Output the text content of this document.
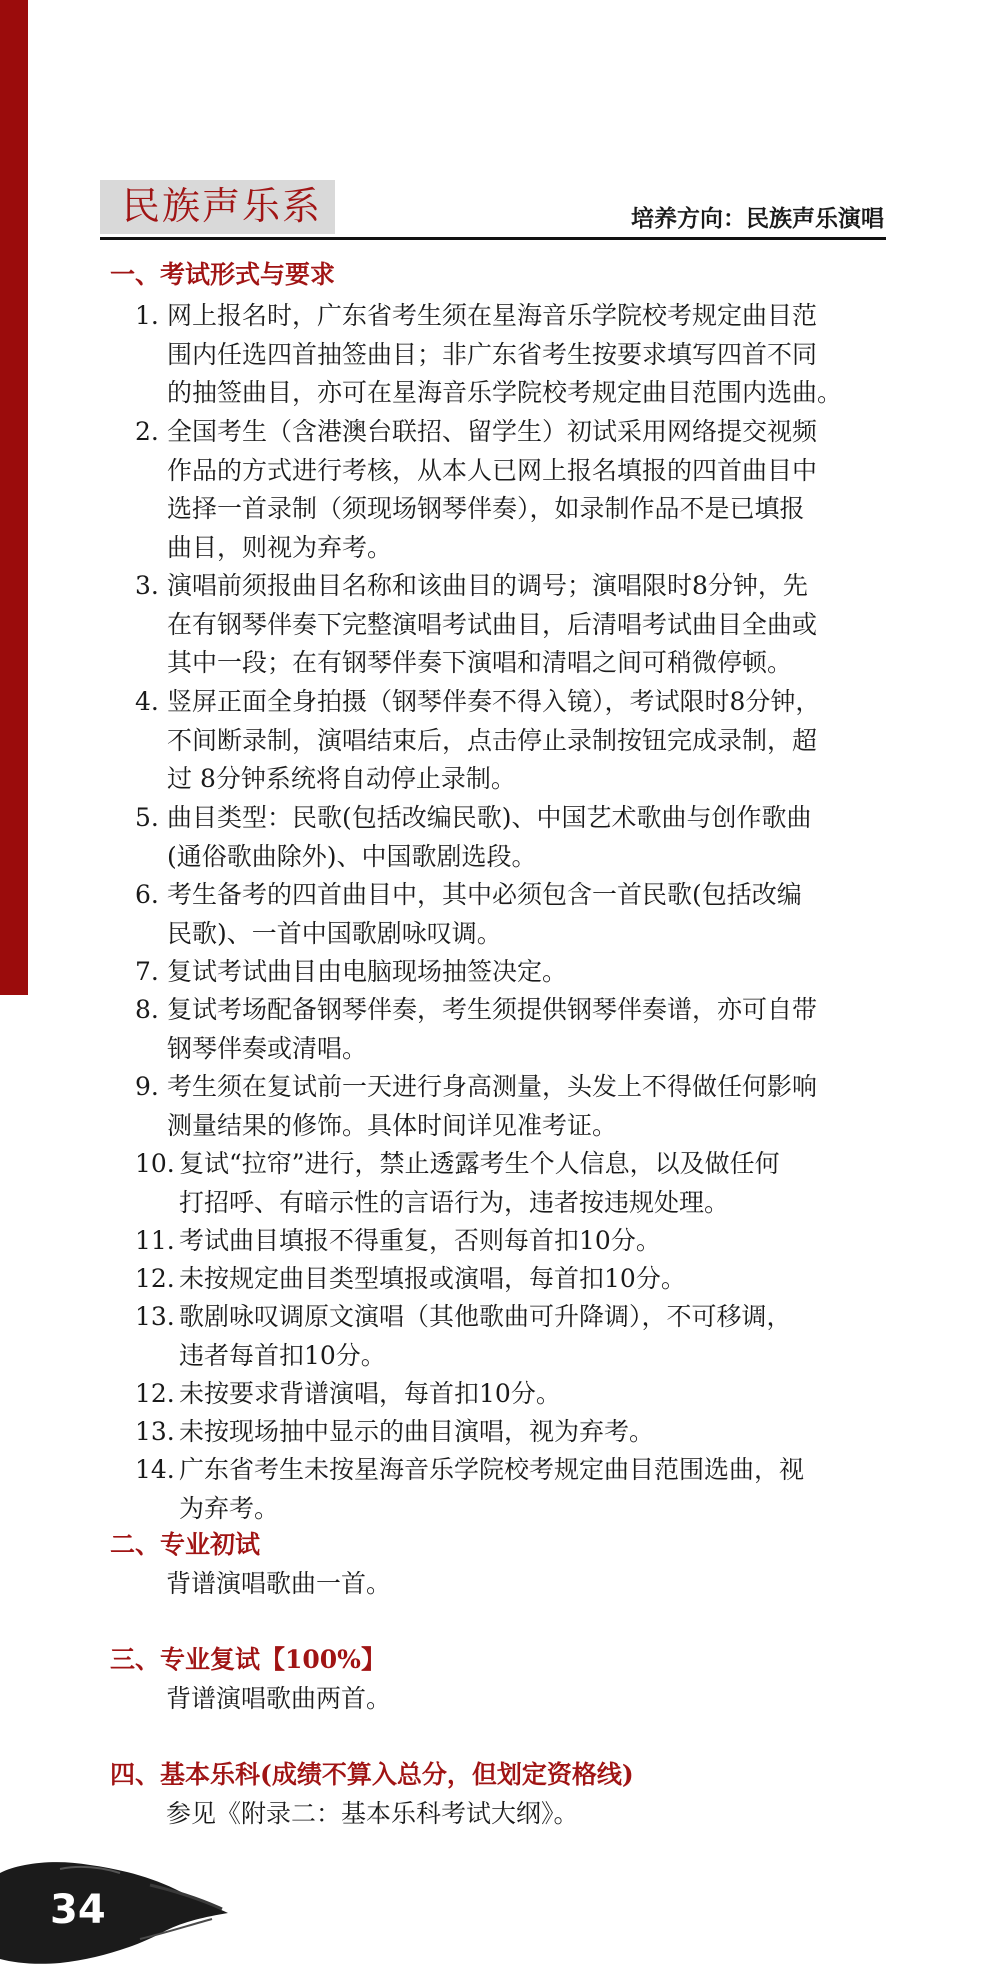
民族声乐系	培养方向：民族声乐演唱
一、考试形式与要求
1. 网上报名时，广东省考生须在星海音乐学院校考规定曲目范
围内任选四首抽签曲目；非广东省考生按要求填写四首不同
的抽签曲目，亦可在星海音乐学院校考规定曲目范围内选曲。
2. 全国考生（含港澳台联招、留学生）初试采用网络提交视频
作品的方式进行考核，从本人已网上报名填报的四首曲目中
选择一首录制（须现场钢琴伴奏），如录制作品不是已填报
曲目，则视为弃考。
3. 演唱前须报曲目名称和该曲目的调号；演唱限时8分钟，先
在有钢琴伴奏下完整演唱考试曲目，后清唱考试曲目全曲或
其中一段；在有钢琴伴奏下演唱和清唱之间可稍微停顿。
4. 竖屏正面全身拍摄（钢琴伴奏不得入镜），考试限时8分钟，
不间断录制，演唱结束后，点击停止录制按钮完成录制，超
过 8分钟系统将自动停止录制。
5. 曲目类型：民歌(包括改编民歌)、中国艺术歌曲与创作歌曲
(通俗歌曲除外)、中国歌剧选段。
6. 考生备考的四首曲目中，其中必须包含一首民歌(包括改编
民歌)、一首中国歌剧咏叹调。
7. 复试考试曲目由电脑现场抽签决定。
8. 复试考场配备钢琴伴奏，考生须提供钢琴伴奏谱，亦可自带
钢琴伴奏或清唱。
9. 考生须在复试前一天进行身高测量，头发上不得做任何影响
测量结果的修饰。具体时间详见准考证。
10. 复试“拉帘”进行，禁止透露考生个人信息，以及做任何
打招呼、有暗示性的言语行为，违者按违规处理。
11. 考试曲目填报不得重复，否则每首扣10分。
12. 未按规定曲目类型填报或演唱，每首扣10分。
13. 歌剧咏叹调原文演唱（其他歌曲可升降调），不可移调，
违者每首扣10分。
12. 未按要求背谱演唱，每首扣10分。
13. 未按现场抽中显示的曲目演唱，视为弃考。
14. 广东省考生未按星海音乐学院校考规定曲目范围选曲，视
为弃考。
二、专业初试
背谱演唱歌曲一首。
三、专业复试【100%】
背谱演唱歌曲两首。
四、基本乐科(成绩不算入总分，但划定资格线)
参见《附录二：基本乐科考试大纲》。
34
